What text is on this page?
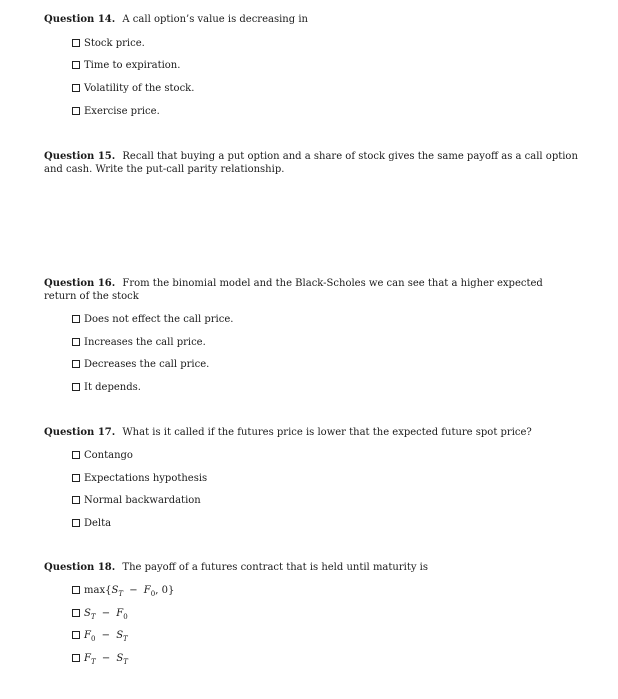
Question 14. A call option’s value is decreasing in

Stock price.
Time to expiration.
Volatility of the stock.
Exercise price.

Question 15. Recall that buying a put option and a share of stock gives the same payoff as a call option and cash. Write the put-call parity relationship.

Question 16. From the binomial model and the Black-Scholes we can see that a higher expected return of the stock

Does not effect the call price.
Increases the call price.
Decreases the call price.
It depends.

Question 17. What is it called if the futures price is lower that the expected future spot price?

Contango
Expectations hypothesis
Normal backwardation
Delta

Question 18. The payoff of a futures contract that is held until maturity is

$\max\{S_T - F_0$, 0}
$S_T - F_0$
$F_0 - S_T$
$F_T - S_T$
